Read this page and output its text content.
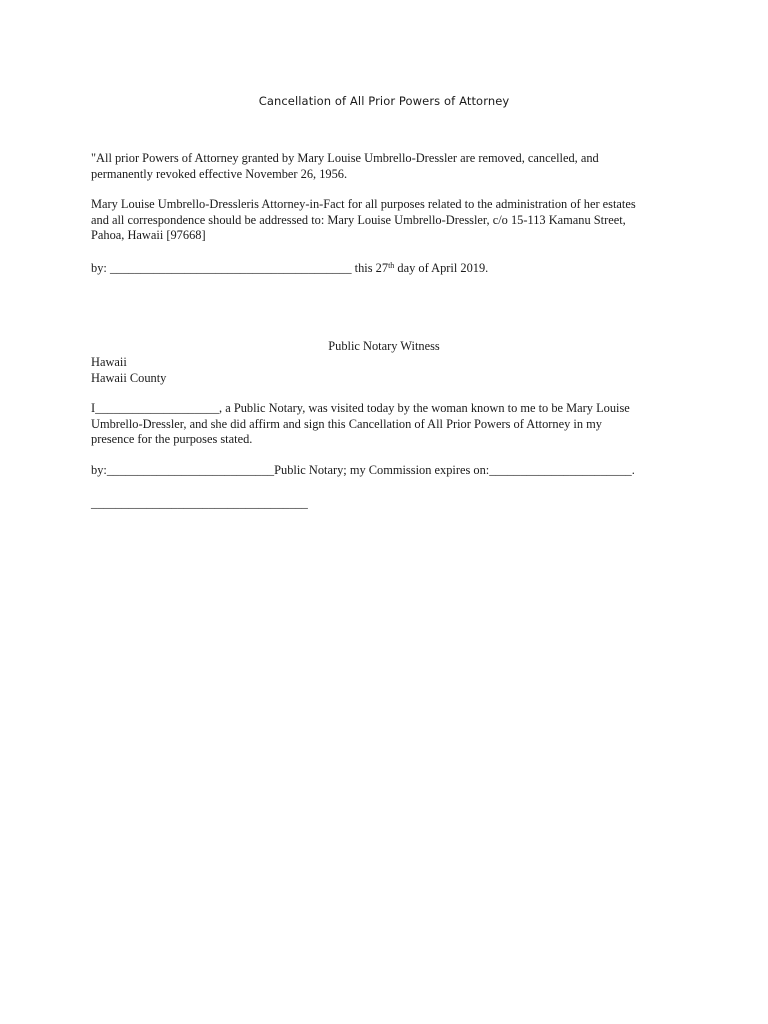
Cancellation of All Prior Powers of Attorney

"All prior Powers of Attorney granted by Mary Louise Umbrello-Dressler are removed, cancelled, and
permanently revoked effective November 26, 1956.

Mary Louise Umbrello-Dressleris Attorney-in-Fact for all purposes related to the administration of her estates
and all correspondence should be addressed to: Mary Louise Umbrello-Dressler, c/o 15-113 Kamanu Street,
Pahoa, Hawaii [97668]

by: _______________________________________ this 27th day of April 2019.

Public Notary Witness

Hawaii
Hawaii County

I____________________, a Public Notary, was visited today by the woman known to me to be Mary Louise
Umbrello-Dressler, and she did affirm and sign this Cancellation of All Prior Powers of Attorney in my
presence for the purposes stated.

by:___________________________Public Notary; my Commission expires on:_______________________.

___________________________________
